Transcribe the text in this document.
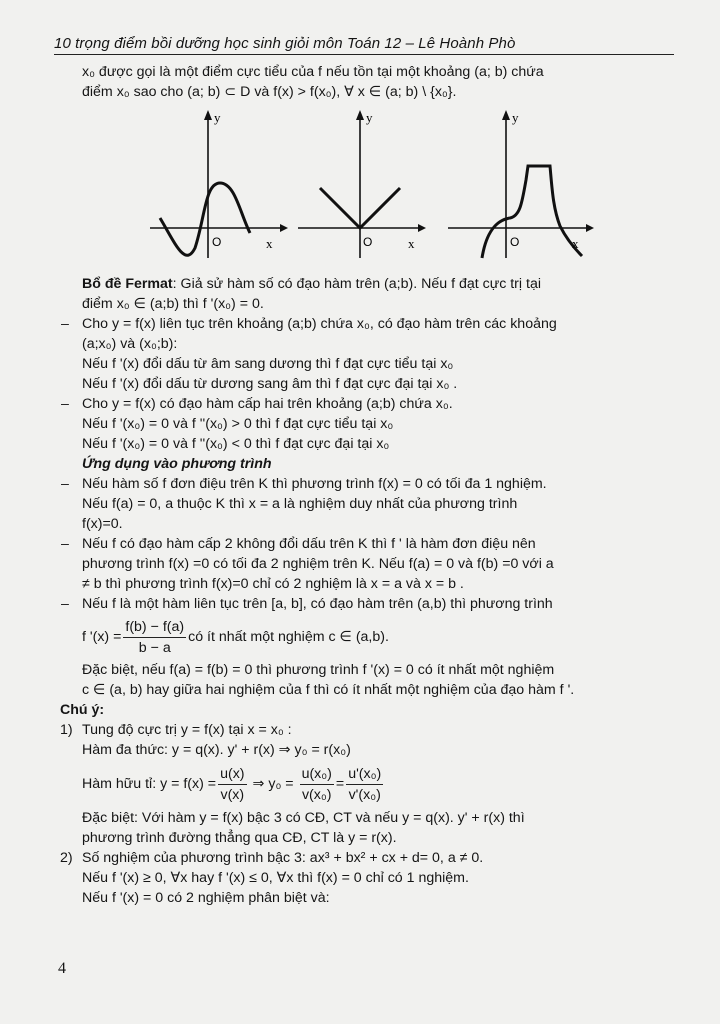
10 trọng điểm bồi dưỡng học sinh giỏi môn Toán 12 – Lê Hoành Phò

x₀ được gọi là một điểm cực tiểu của f nếu tồn tại một khoảng (a; b) chứa

điểm x₀ sao cho (a; b) ⊂ D và f(x) > f(x₀), ∀ x ∈ (a; b) \ {x₀}.

y
x
O
y
x
O
y
x
O

Bổ đề Fermat: Giả sử hàm số có đạo hàm trên (a;b). Nếu f đạt cực trị tại

điểm x₀ ∈ (a;b) thì f '(x₀) = 0.

– Cho y = f(x) liên tục trên khoảng (a;b) chứa x₀, có đạo hàm trên các khoảng
(a;x₀) và (x₀;b):
Nếu f '(x) đổi dấu từ âm sang dương thì f đạt cực tiểu tại x₀
Nếu f '(x) đổi dấu từ dương sang âm thì f đạt cực đại tại x₀ .
– Cho y = f(x) có đạo hàm cấp hai trên khoảng (a;b) chứa x₀.
Nếu f '(x₀) = 0 và f ''(x₀) > 0 thì f đạt cực tiểu tại x₀
Nếu f '(x₀) = 0 và f ''(x₀) < 0 thì f đạt cực đại tại x₀
Ứng dụng vào phương trình
– Nếu hàm số f đơn điệu trên K thì phương trình f(x) = 0 có tối đa 1 nghiệm.
Nếu f(a) = 0, a thuộc K thì x = a là nghiệm duy nhất của phương trình
f(x)=0.
– Nếu f có đạo hàm cấp 2 không đổi dấu trên K thì f ' là hàm đơn điệu nên
phương trình f(x) =0 có tối đa 2 nghiệm trên K. Nếu f(a) = 0 và f(b) =0 với a
≠ b thì phương trình f(x)=0 chỉ có 2 nghiệm là x = a và x = b .
– Nếu f là một hàm liên tục trên [a, b], có đạo hàm trên (a,b) thì phương trình
f '$(x) = \frac{f(b) - f(a)}{b - a}$ có ít nhất một nghiệm c ∈ (a,b).
Đặc biệt, nếu f(a) = f(b) = 0 thì phương trình f '(x) = 0 có ít nhất một nghiệm
c ∈ (a, b) hay giữa hai nghiệm của f thì có ít nhất một nghiệm của đạo hàm f '.
Chú ý:
1) Tung độ cực trị y = f(x) tại x = x₀ :
Hàm đa thức: y = q(x). y' + r(x) ⇒ y₀ = r(x₀)
Hàm hữu tỉ: $y = f(x) = \frac{u(x)}{v(x)}$ ⇒ $y_0 = \frac{\text{u(x₀)}}{\text{v(x₀)}} = \frac{\text{u'(x₀)}}{\text{v'(x₀)}}$
Đặc biệt: Với hàm y = f(x) bậc 3 có CĐ, CT và nếu y = q(x). y' + r(x) thì
phương trình đường thẳng qua CĐ, CT là y = r(x).
2) Số nghiệm của phương trình bậc 3: ax³ + bx² + cx + d= 0, a ≠ 0.
Nếu f '(x) ≥ 0, ∀x hay f '(x) ≤ 0, ∀x thì f(x) = 0 chỉ có 1 nghiệm.
Nếu f '(x) = 0 có 2 nghiệm phân biệt và:
4
